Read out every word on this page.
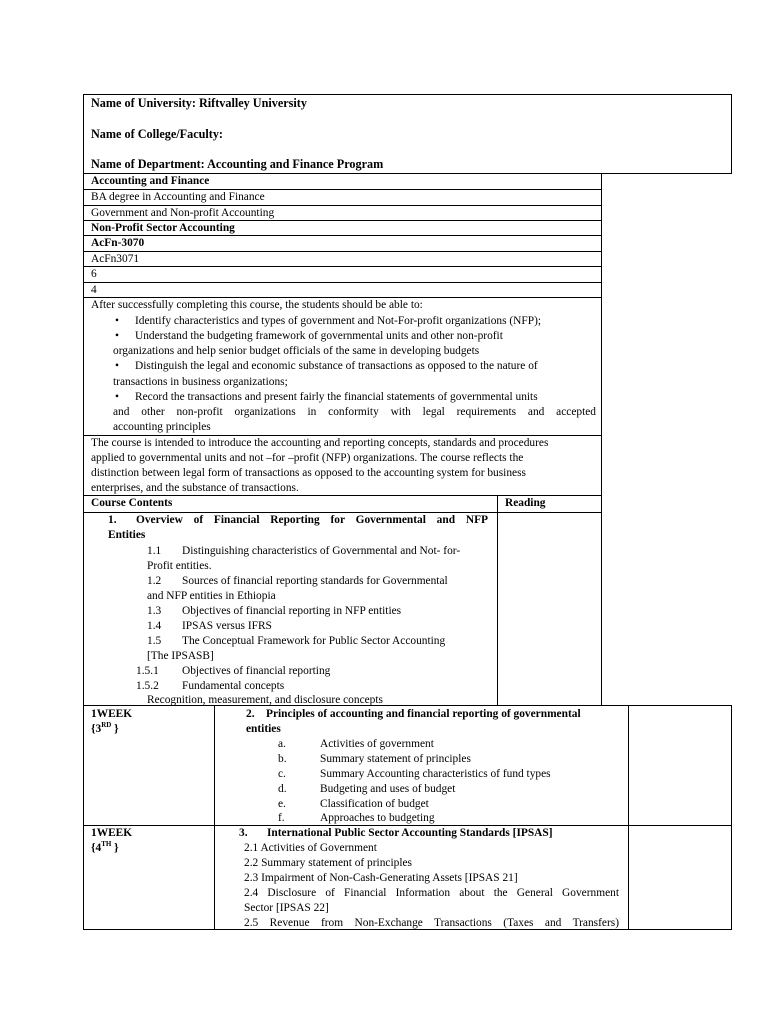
Name of University: Riftvalley University
Name of College/Faculty:
Name of Department: Accounting and Finance Program
Accounting and Finance
BA degree in Accounting and Finance
Government and Non-profit Accounting
Non-Profit Sector Accounting
AcFn-3070
AcFn3071
6
4
After successfully completing this course, the students should be able to:
• Identify characteristics and types of government and Not-For-profit organizations (NFP);
• Understand the budgeting framework of governmental units and other non-profit
organizations and help senior budget officials of the same in developing budgets
• Distinguish the legal and economic substance of transactions as opposed to the nature of
transactions in business organizations;
• Record the transactions and present fairly the financial statements of governmental units
and other non-profit organizations in conformity with legal requirements and accepted
accounting principles
The course is intended to introduce the accounting and reporting concepts, standards and procedures
applied to governmental units and not –for –profit (NFP) organizations. The course reflects the
distinction between legal form of transactions as opposed to the accounting system for business
enterprises, and the substance of transactions.
Course Contents	Reading
1. Overview of Financial Reporting for Governmental and NFP
Entities
1.1 Distinguishing characteristics of Governmental and Not- for-
Profit entities.
1.2 Sources of financial reporting standards for Governmental
and NFP entities in Ethiopia
1.3 Objectives of financial reporting in NFP entities
1.4 IPSAS versus IFRS
1.5 The Conceptual Framework for Public Sector Accounting
[The IPSASB]
1.5.1 Objectives of financial reporting
1.5.2 Fundamental concepts
Recognition, measurement, and disclosure concepts
1WEEK
{3RD }
2. Principles of accounting and financial reporting of governmental
entities
a.	Activities of government
b.	Summary statement of principles
c.	Summary Accounting characteristics of fund types
d.	Budgeting and uses of budget
e.	Classification of budget
f.	Approaches to budgeting
1WEEK
{4TH }
3. International Public Sector Accounting Standards [IPSAS]
2.1 Activities of Government
2.2 Summary statement of principles
2.3 Impairment of Non-Cash-Generating Assets [IPSAS 21]
2.4 Disclosure of Financial Information about the General Government
Sector [IPSAS 22]
2.5 Revenue from Non-Exchange Transactions (Taxes and Transfers)
